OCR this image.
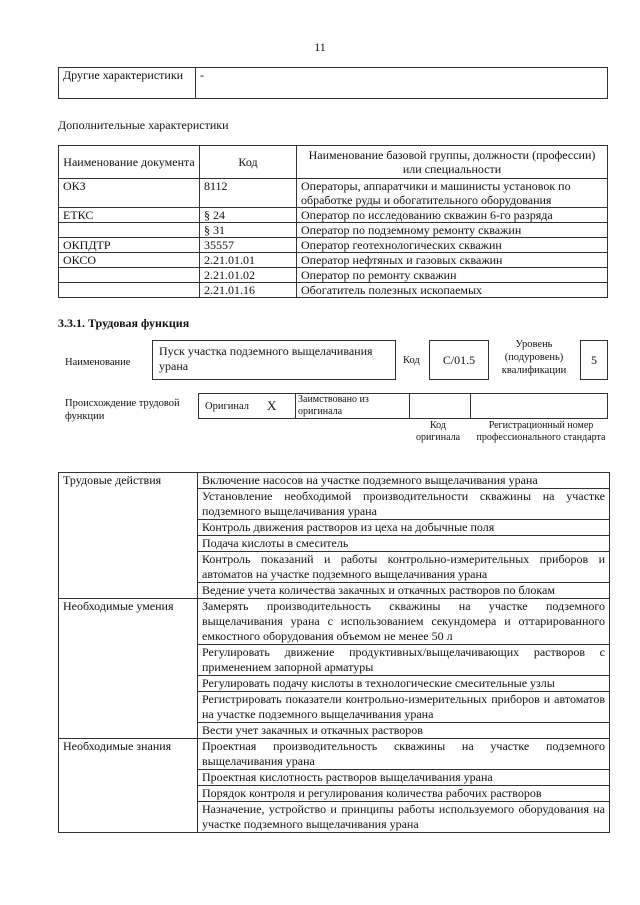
11
Другие характеристики	-
Дополнительные характеристики
Наименование документа	Код	Наименование базовой группы, должности (профессии) или специальности
ОКЗ	8112	Операторы, аппаратчики и машинисты установок по обработке руды и обогатительного оборудования
ЕТКС	§ 24	Оператор по исследованию скважин 6-го разряда
	§ 31	Оператор по подземному ремонту скважин
ОКПДТР	35557	Оператор геотехнологических скважин
ОКСО	2.21.01.01	Оператор нефтяных и газовых скважин
	2.21.01.02	Оператор по ремонту скважин
	2.21.01.16	Обогатитель полезных ископаемых
3.3.1. Трудовая функция
Наименование
Пуск участка подземного выщелачивания урана	Код	C/01.5
Уровень (подуровень) квалификации
5
Происхождение трудовой функции
Оригинал X Заимствовано из оригинала
Код оригинала
Регистрационный номер профессионального стандарта
Трудовые действия	Включение насосов на участке подземного выщелачивания урана
	Установление необходимой производительности скважины на участке подземного выщелачивания урана
	Контроль движения растворов из цеха на добычные поля
	Подача кислоты в смеситель
	Контроль показаний и работы контрольно-измерительных приборов и автоматов на участке подземного выщелачивания урана
	Ведение учета количества закачных и откачных растворов по блокам
Необходимые умения	Замерять производительность скважины на участке подземного выщелачивания урана с использованием секундомера и оттарированного емкостного оборудования объемом не менее 50 л
	Регулировать движение продуктивных/выщелачивающих растворов с применением запорной арматуры
	Регулировать подачу кислоты в технологические смесительные узлы
	Регистрировать показатели контрольно-измерительных приборов и автоматов на участке подземного выщелачивания урана
	Вести учет закачных и откачных растворов
Необходимые знания	Проектная производительность скважины на участке подземного выщелачивания урана
	Проектная кислотность растворов выщелачивания урана
	Порядок контроля и регулирования количества рабочих растворов
	Назначение, устройство и принципы работы используемого оборудования на участке подземного выщелачивания урана
